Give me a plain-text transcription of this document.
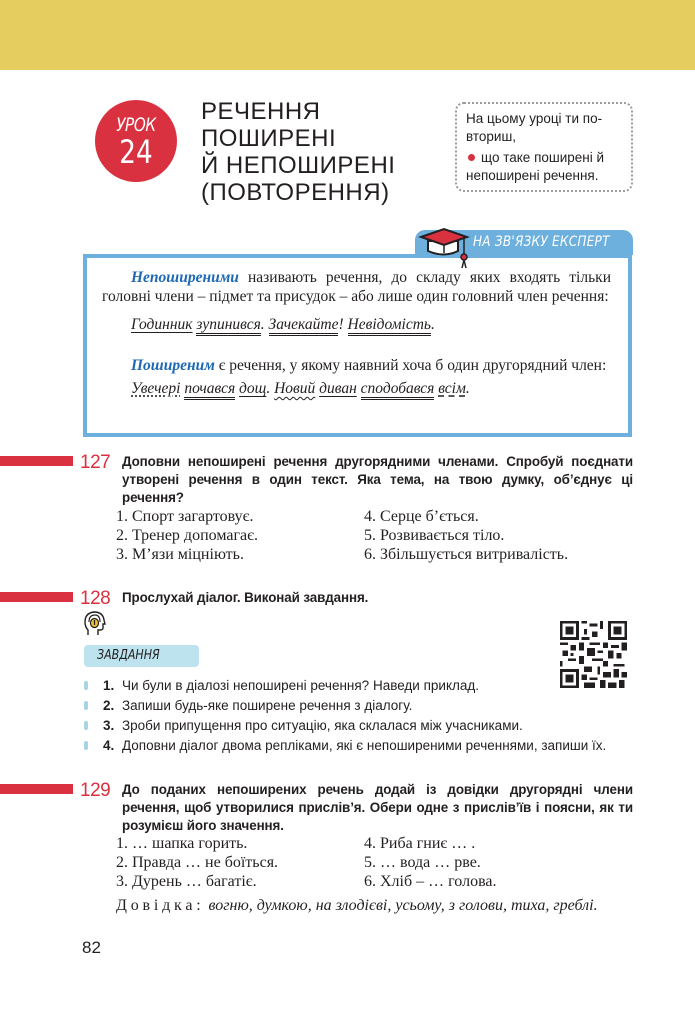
УРОК
24
РЕЧЕННЯ
ПОШИРЕНІ
Й НЕПОШИРЕНІ
(ПОВТОРЕННЯ)
На цьому уроці ти по-
вториш,
що таке поширені й
непоширені речення.

Непоширеними називають речення, до складу яких входять тільки головні члени – підмет та присудок – або лише один головний член речення:

Годинник зупинився. Зачекайте! Невідомість.

Поширеним є речення, у якому наявний хоча б один другорядний член:

Увечері почався дощ. Новий диван сподобався всім.
НА ЗВ'ЯЗКУ ЕКСПЕРТ
127 Доповни непоширені речення другорядними членами. Спробуй поєднати утворені речення в один текст. Яка тема, на твою думку, об’єднує ці речення?
1. Спорт загартовує.
2. Тренер допомагає.
3. М’язи міцніють.
4. Серце б’ється.
5. Розвивається тіло.
6. Збільшується витривалість.
128 Прослухай діалог. Виконай завдання.
ЗАВДАННЯ
1. Чи були в діалозі непоширені речення? Наведи приклад.
2. Запиши будь-яке поширене речення з діалогу.
3. Зроби припущення про ситуацію, яка склалася між учасниками.
4. Доповни діалог двома репліками, які є непоширеними реченнями, запиши їх.
129 До поданих непоширених речень додай із довідки другорядні члени речення, щоб утворилися прислів’я. Обери одне з прислів’їв і поясни, як ти розумієш його значення.
1. … шапка горить.
2. Правда … не боїться.
3. Дурень … багатіє.
4. Риба гниє … .
5. … вода … рве.
6. Хліб – … голова.
Довідка: вогню, думкою, на злодієві, усьому, з голови, тиха, греблі.
82
